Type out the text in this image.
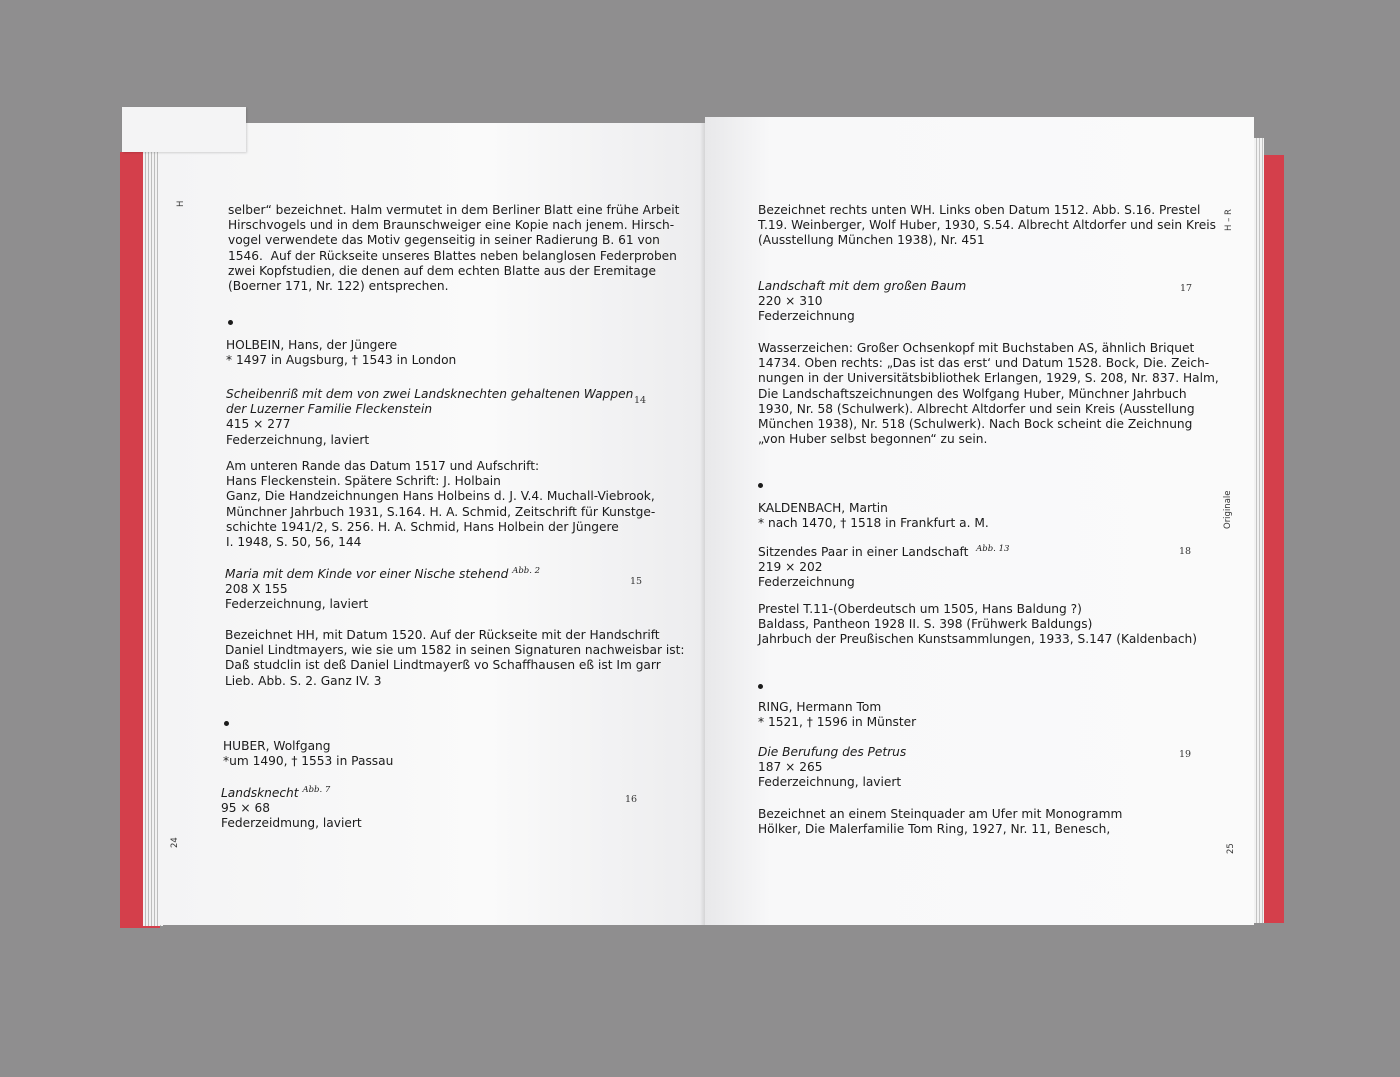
H	selber“ bezeichnet. Halm vermutet in dem Berliner Blatt eine frühe Arbeit
Hirschvogels und in dem Braunschweiger eine Kopie nach jenem. Hirsch-
vogel verwendete das Motiv gegenseitig in seiner Radierung B. 61 von
1546.  Auf der Rückseite unseres Blattes neben belanglosen Federproben
zwei Kopfstudien, die denen auf dem echten Blatte aus der Eremitage
(Boerner 171, Nr. 122) entsprechen.
HOLBEIN, Hans, der Jüngere
* 1497 in Augsburg, † 1543 in London
Scheibenriß mit dem von zwei Landsknechten gehaltenen Wappen
der Luzerner Familie Fleckenstein
415 × 277
Federzeichnung, laviert
14
Am unteren Rande das Datum 1517 und Aufschrift:
Hans Fleckenstein. Spätere Schrift: J. Holbain
Ganz, Die Handzeichnungen Hans Holbeins d. J. V.4. Muchall-Viebrook,
Münchner Jahrbuch 1931, S.164. H. A. Schmid, Zeitschrift für Kunstge-
schichte 1941/2, S. 256. H. A. Schmid, Hans Holbein der Jüngere
I. 1948, S. 50, 56, 144
Maria mit dem Kinde vor einer Nische stehend $^{Abb. 2}$
208 X 155
Federzeichnung, laviert
15
Bezeichnet HH, mit Datum 1520. Auf der Rückseite mit der Handschrift
Daniel Lindtmayers, wie sie um 1582 in seinen Signaturen nachweisbar ist:
Daß studclin ist deß Daniel Lindtmayerß vo Schaffhausen eß ist Im garr
Lieb. Abb. S. 2. Ganz IV. 3
HUBER, Wolfgang
*um 1490, † 1553 in Passau
Landsknecht $^{Abb. 7}$
95 × 68
Federzeidmung, laviert
16
24
H – R
Originale
Bezeichnet rechts unten WH. Links oben Datum 1512. Abb. S.16. Prestel
T.19. Weinberger, Wolf Huber, 1930, S.54. Albrecht Altdorfer und sein Kreis
(Ausstellung München 1938), Nr. 451
Landschaft mit dem großen Baum
220 × 310
Federzeichnung
17
Wasserzeichen: Großer Ochsenkopf mit Buchstaben AS, ähnlich Briquet
14734. Oben rechts: „Das ist das erst‘ und Datum 1528. Bock, Die. Zeich-
nungen in der Universitätsbibliothek Erlangen, 1929, S. 208, Nr. 837. Halm,
Die Landschaftszeichnungen des Wolfgang Huber, Münchner Jahrbuch
1930, Nr. 58 (Schulwerk). Albrecht Altdorfer und sein Kreis (Ausstellung
München 1938), Nr. 518 (Schulwerk). Nach Bock scheint die Zeichnung
„von Huber selbst begonnen“ zu sein.
KALDENBACH, Martin
* nach 1470, † 1518 in Frankfurt a. M.
Sitzendes Paar in einer Landschaft $^{Abb. 13}$
219 × 202
Federzeichnung
18
Prestel T.11-(Oberdeutsch um 1505, Hans Baldung ?)
Baldass, Pantheon 1928 II. S. 398 (Frühwerk Baldungs)
Jahrbuch der Preußischen Kunstsammlungen, 1933, S.147 (Kaldenbach)
RING, Hermann Tom
* 1521, † 1596 in Münster
Die Berufung des Petrus
187 × 265
Federzeichnung, laviert
19
Bezeichnet an einem Steinquader am Ufer mit Monogramm
Hölker, Die Malerfamilie Tom Ring, 1927, Nr. 11, Benesch,
25
